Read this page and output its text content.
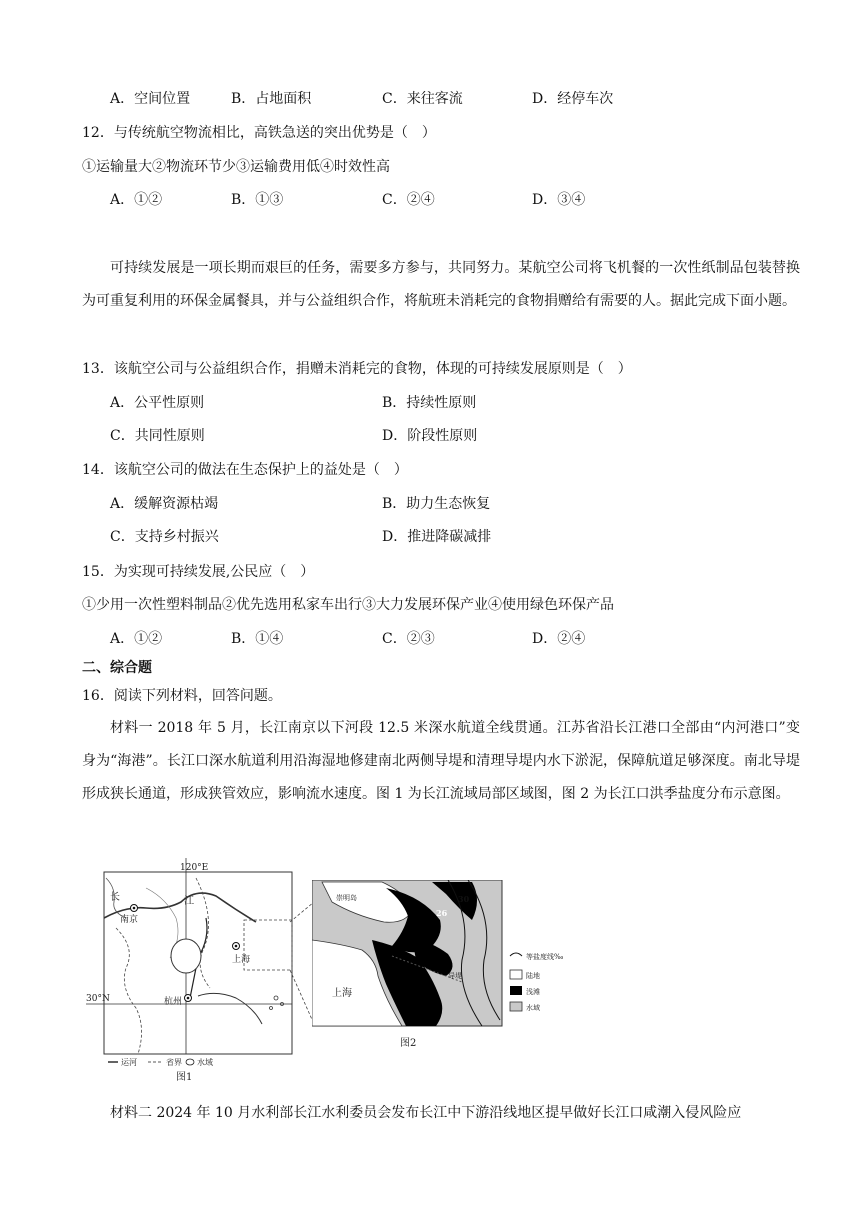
A．空间位置	B．占地面积	C．来往客流	D．经停车次
12．与传统航空物流相比，高铁急送的突出优势是（　）
①运输量大②物流环节少③运输费用低④时效性高
A．①②	B．①③	C．②④	D．③④
可持续发展是一项长期而艰巨的任务，需要多方参与，共同努力。某航空公司将飞机餐的一次性纸制品包装替换为可重复利用的环保金属餐具，并与公益组织合作，将航班未消耗完的食物捐赠给有需要的人。据此完成下面小题。
13．该航空公司与公益组织合作，捐赠未消耗完的食物，体现的可持续发展原则是（　）
A．公平性原则	B．持续性原则
C．共同性原则	D．阶段性原则
14．该航空公司的做法在生态保护上的益处是（　）
A．缓解资源枯竭	B．助力生态恢复
C．支持乡村振兴	D．推进降碳减排
15．为实现可持续发展,公民应（　）
①少用一次性塑料制品②优先选用私家车出行③大力发展环保产业④使用绿色环保产品
A．①②	B．①④	C．②③	D．②④
二、综合题
16．阅读下列材料，回答问题。
材料一 2018 年 5 月，长江南京以下河段 12.5 米深水航道全线贯通。江苏省沿长江港口全部由“内河港口”变身为“海港”。长江口深水航道利用沿海湿地修建南北两侧导堤和清理导堤内水下淤泥，保障航道足够深度。南北导堤形成狭长通道，形成狭管效应，影响流水速度。图 1 为长江流域局部区域图，图 2 为长江口洪季盐度分布示意图。
120°E
30°N
长	江
南京
上海
杭州
运河	省界 水域
图1
崇明岛
上海
26
30
导堤
等盐度线‰
陆地
浅滩
水域
图2
材料二 2024 年 10 月水利部长江水利委员会发布长江中下游沿线地区提早做好长江口咸潮入侵风险应
